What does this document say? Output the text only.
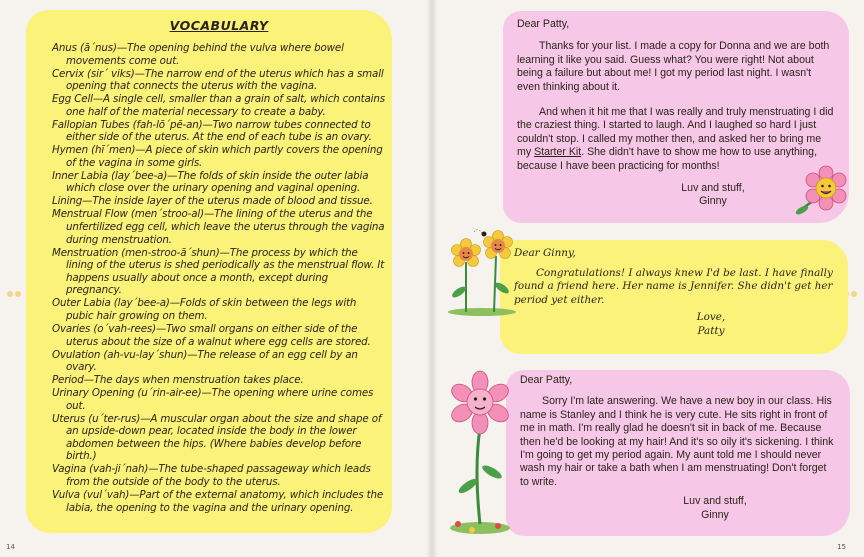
VOCABULARY
Anus (ā´nus)—The opening behind the vulva where bowel movements come out.
Cervix (sir´ viks)—The narrow end of the uterus which has a small opening that connects the uterus with the vagina.
Egg Cell—A single cell, smaller than a grain of salt, which contains one half of the material necessary to create a baby.
Fallopian Tubes (fah-lō´pē-an)—Two narrow tubes connected to either side of the uterus. At the end of each tube is an ovary.
Hymen (hī´men)—A piece of skin which partly covers the opening of the vagina in some girls.
Inner Labia (lay´bee-a)—The folds of skin inside the outer labia which close over the urinary opening and vaginal opening.
Lining—The inside layer of the uterus made of blood and tissue.
Menstrual Flow (men´stroo-al)—The lining of the uterus and the unfertilized egg cell, which leave the uterus through the vagina during menstruation.
Menstruation (men-stroo-ā´shun)—The process by which the lining of the uterus is shed periodically as the menstrual flow. It happens usually about once a month, except during pregnancy.
Outer Labia (lay´bee-a)—Folds of skin between the legs with pubic hair growing on them.
Ovaries (o´vah-rees)—Two small organs on either side of the uterus about the size of a walnut where egg cells are stored.
Ovulation (ah-vu-lay´shun)—The release of an egg cell by an ovary.
Period—The days when menstruation takes place.
Urinary Opening (u´rin-air-ee)—The opening where urine comes out.
Uterus (u´ter-rus)—A muscular organ about the size and shape of an upside-down pear, located inside the body in the lower abdomen between the hips. (Where babies develop before birth.)
Vagina (vah-ji´nah)—The tube-shaped passageway which leads from the outside of the body to the uterus.
Vulva (vul´vah)—Part of the external anatomy, which includes the labia, the opening to the vagina and the urinary opening.
14	15

Dear Patty,

Thanks for your list. I made a copy for Donna and we are both learning it like you said. Guess what? You were right! Not about being a failure but about me! I got my period last night. I wasn't even thinking about it.

And when it hit me that I was really and truly menstruating I did the craziest thing. I started to laugh. And I laughed so hard I just couldn't stop. I called my mother then, and asked her to bring me my Starter Kit. She didn't have to show me how to use anything, because I have been practicing for months!

Luv and stuff,

Ginny

Dear Ginny,

Congratulations! I always knew I'd be last. I have finally found a friend here. Her name is Jennifer. She didn't get her period yet either.

Love,

Patty

Dear Patty,

Sorry I'm late answering. We have a new boy in our class. His name is Stanley and I think he is very cute. He sits right in front of me in math. I'm really glad he doesn't sit in back of me. Because then he'd be looking at my hair! And it's so oily it's sickening. I think I'm going to get my period again. My aunt told me I should never wash my hair or take a bath when I am menstruating! Don't forget to write.

Luv and stuff,

Ginny
